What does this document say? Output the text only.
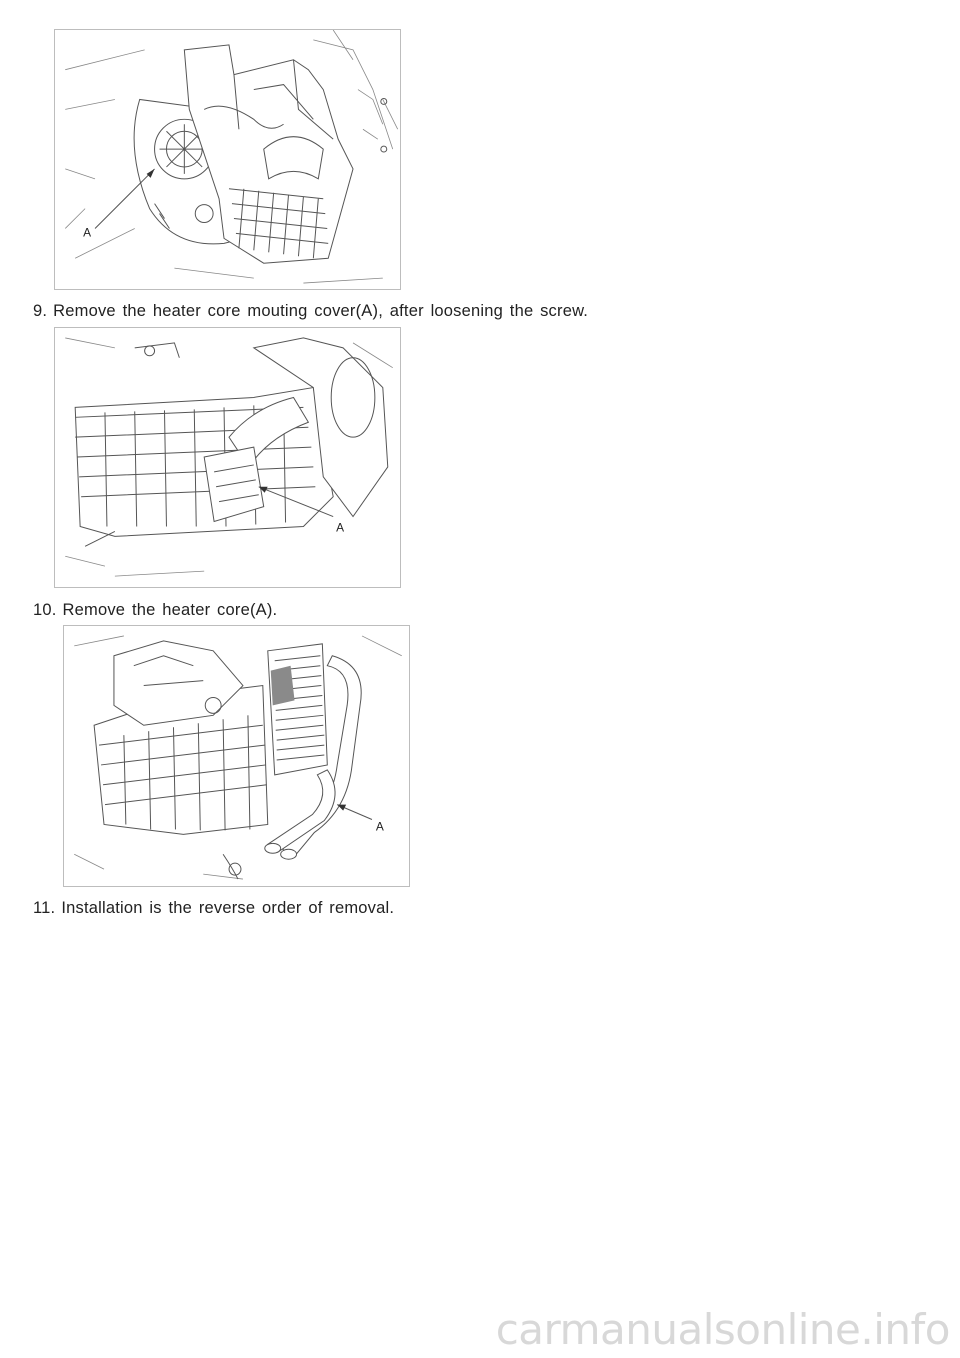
A
9. Remove the heater core mouting cover(A), after loosening the screw.
A
10. Remove the heater core(A).
A
11. Installation is the reverse order of removal.
carmanualsonline.info
